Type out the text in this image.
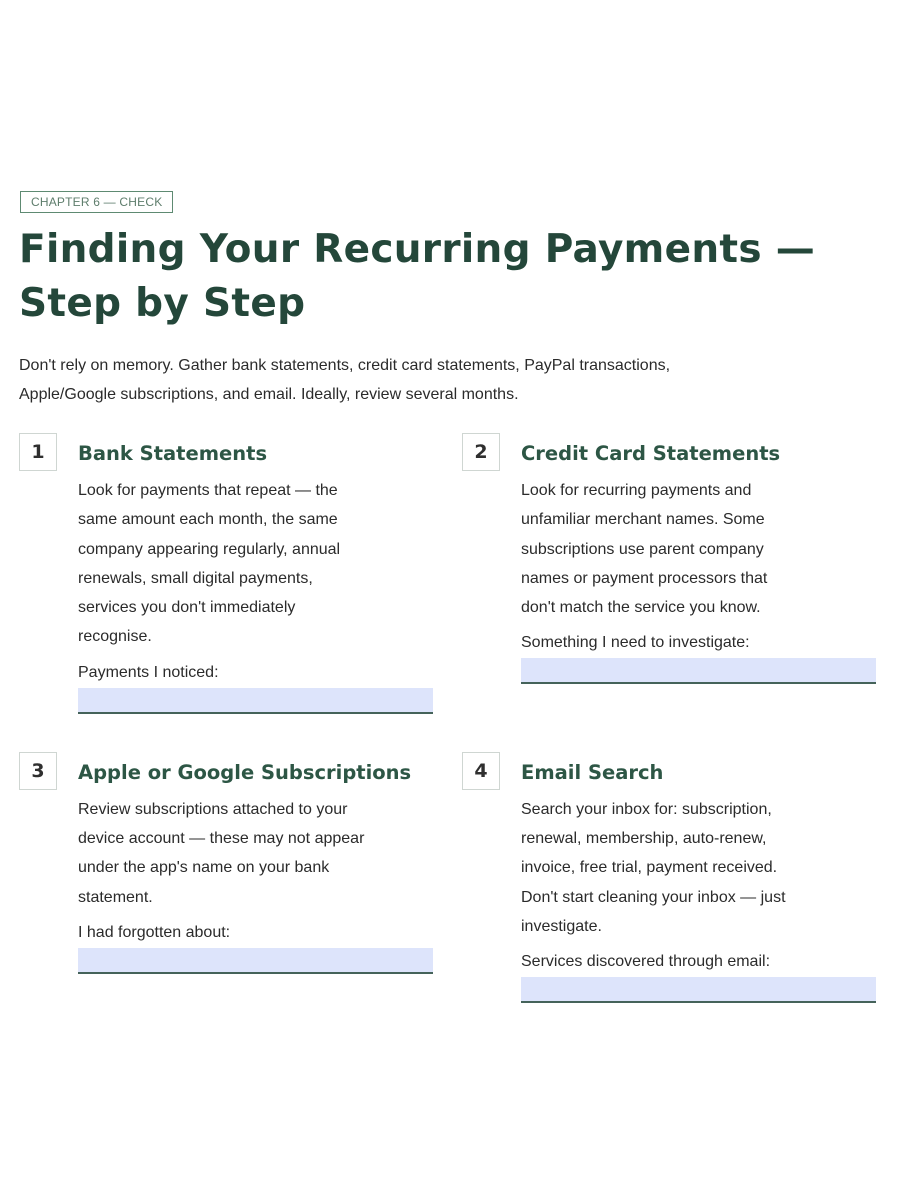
CHAPTER 6 — CHECK
Finding Your Recurring Payments —
Step by Step

Don't rely on memory. Gather bank statements, credit card statements, PayPal transactions,
Apple/Google subscriptions, and email. Ideally, review several months.

1	Bank Statements

Look for payments that repeat — the
same amount each month, the same
company appearing regularly, annual
renewals, small digital payments,
services you don't immediately
recognise.

Payments I noticed:

2	Credit Card Statements

Look for recurring payments and
unfamiliar merchant names. Some
subscriptions use parent company
names or payment processors that
don't match the service you know.

Something I need to investigate:

3	Apple or Google Subscriptions

Review subscriptions attached to your
device account — these may not appear
under the app's name on your bank
statement.

I had forgotten about:

4	Email Search

Search your inbox for: subscription,
renewal, membership, auto-renew,
invoice, free trial, payment received.
Don't start cleaning your inbox — just
investigate.

Services discovered through email:
